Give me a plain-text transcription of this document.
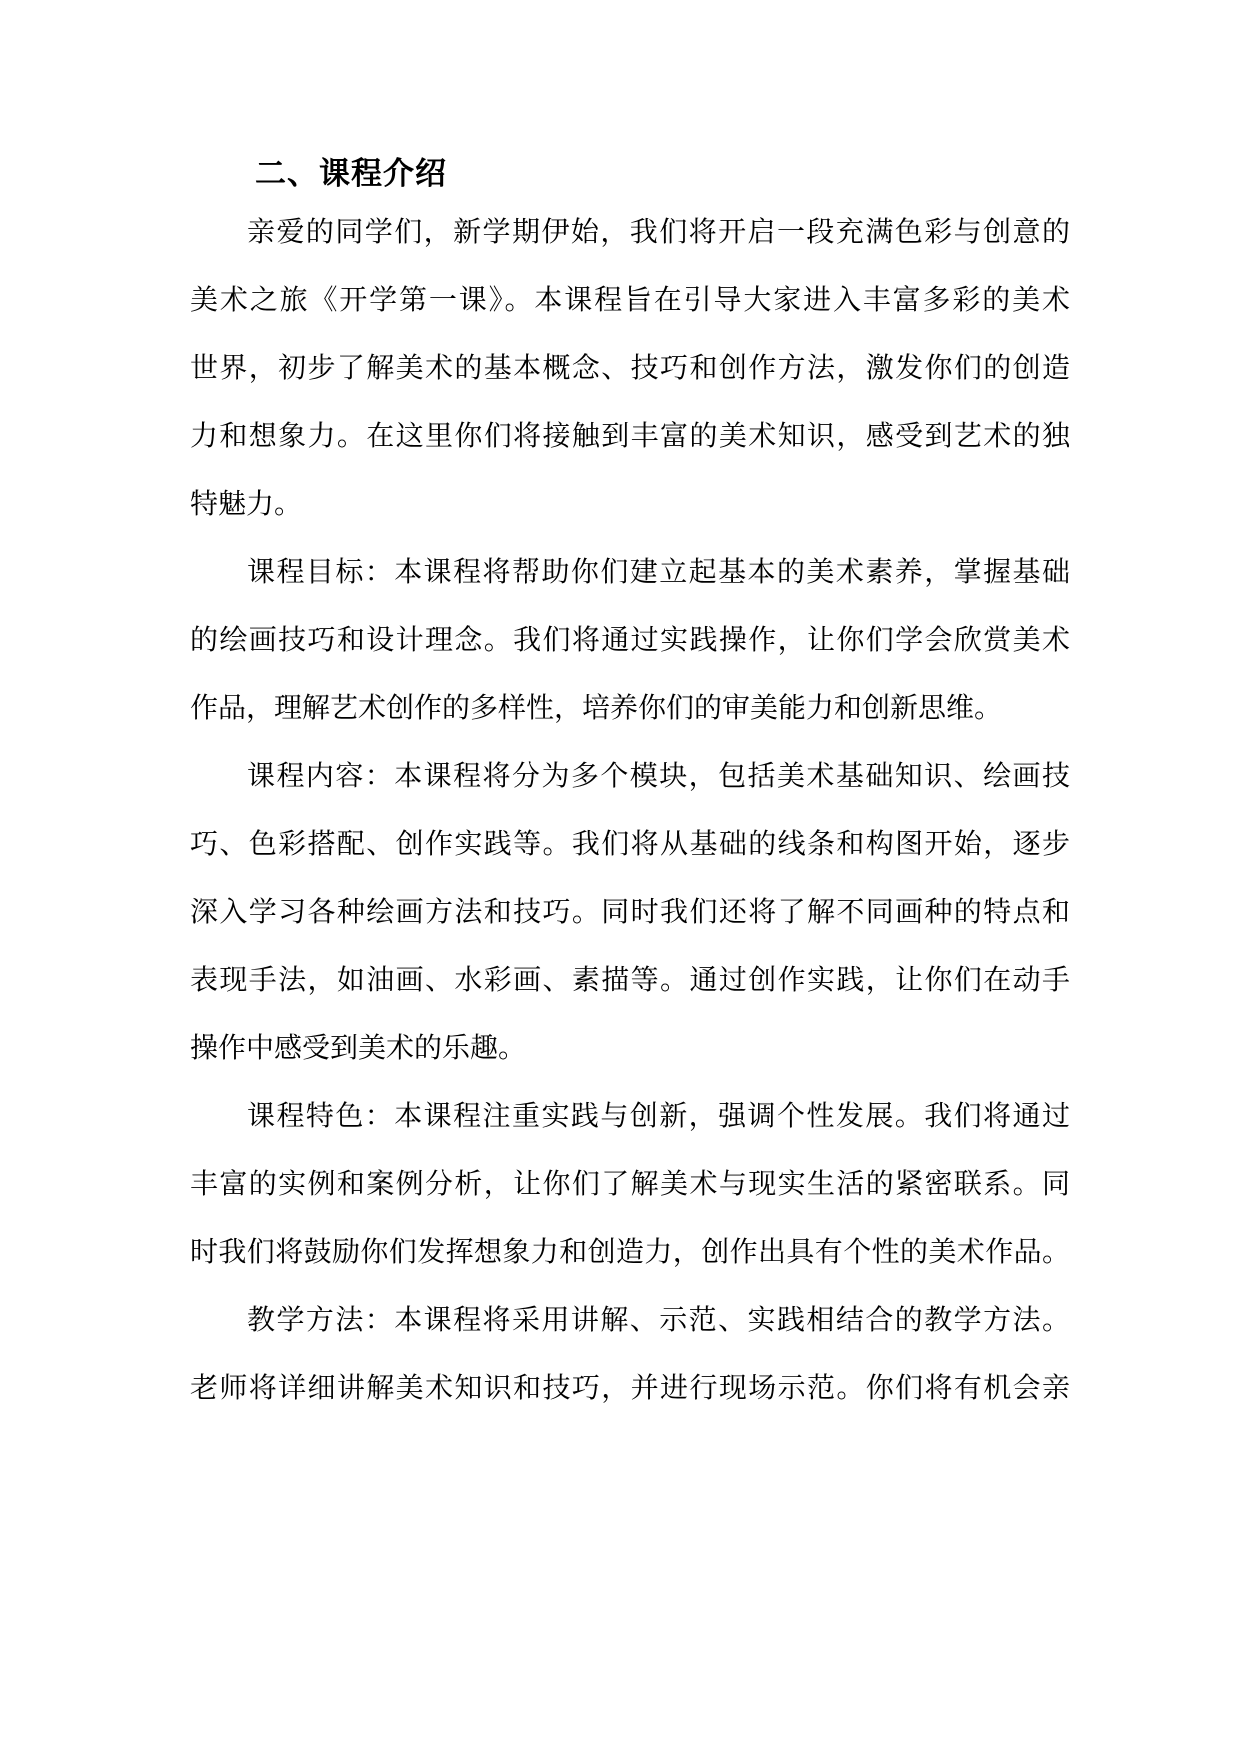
二、课程介绍
亲爱的同学们，新学期伊始，我们将开启一段充满色彩与创意的
美术之旅《开学第一课》。本课程旨在引导大家进入丰富多彩的美术
世界，初步了解美术的基本概念、技巧和创作方法，激发你们的创造
力和想象力。在这里你们将接触到丰富的美术知识，感受到艺术的独
特魅力。
课程目标：本课程将帮助你们建立起基本的美术素养，掌握基础
的绘画技巧和设计理念。我们将通过实践操作，让你们学会欣赏美术
作品，理解艺术创作的多样性，培养你们的审美能力和创新思维。
课程内容：本课程将分为多个模块，包括美术基础知识、绘画技
巧、色彩搭配、创作实践等。我们将从基础的线条和构图开始，逐步
深入学习各种绘画方法和技巧。同时我们还将了解不同画种的特点和
表现手法，如油画、水彩画、素描等。通过创作实践，让你们在动手
操作中感受到美术的乐趣。
课程特色：本课程注重实践与创新，强调个性发展。我们将通过
丰富的实例和案例分析，让你们了解美术与现实生活的紧密联系。同
时我们将鼓励你们发挥想象力和创造力，创作出具有个性的美术作品。
教学方法：本课程将采用讲解、示范、实践相结合的教学方法。
老师将详细讲解美术知识和技巧，并进行现场示范。你们将有机会亲
